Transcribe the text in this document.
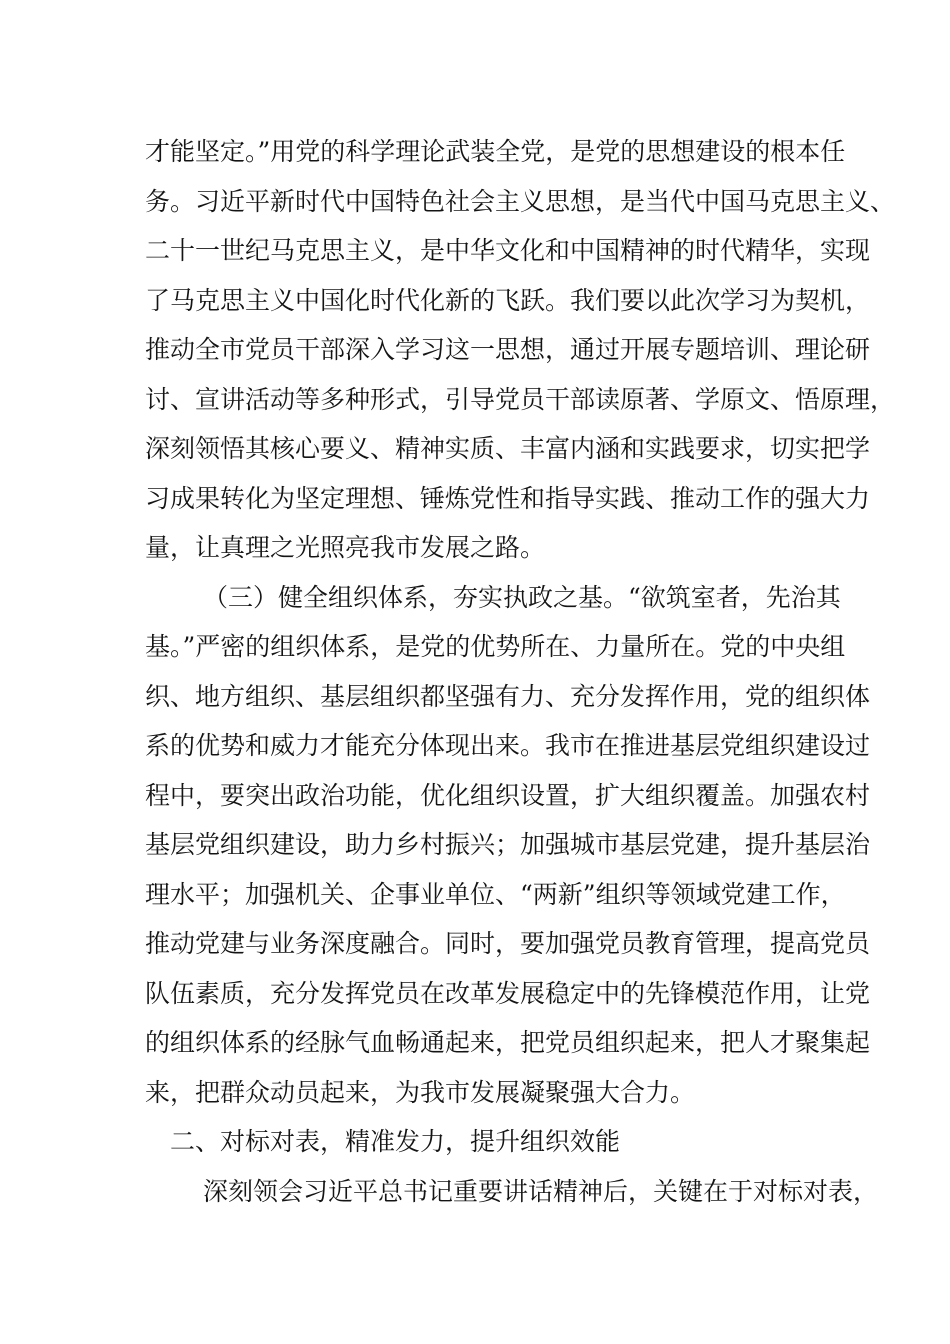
才能坚定。”用党的科学理论武装全党，是党的思想建设的根本任
务。习近平新时代中国特色社会主义思想，是当代中国马克思主义、
二十一世纪马克思主义，是中华文化和中国精神的时代精华，实现
了马克思主义中国化时代化新的飞跃。我们要以此次学习为契机，
推动全市党员干部深入学习这一思想，通过开展专题培训、理论研
讨、宣讲活动等多种形式，引导党员干部读原著、学原文、悟原理，
深刻领悟其核心要义、精神实质、丰富内涵和实践要求，切实把学
习成果转化为坚定理想、锤炼党性和指导实践、推动工作的强大力
量，让真理之光照亮我市发展之路。
（三）健全组织体系，夯实执政之基。“欲筑室者，先治其
基。”严密的组织体系，是党的优势所在、力量所在。党的中央组
织、地方组织、基层组织都坚强有力、充分发挥作用，党的组织体
系的优势和威力才能充分体现出来。我市在推进基层党组织建设过
程中，要突出政治功能，优化组织设置，扩大组织覆盖。加强农村
基层党组织建设，助力乡村振兴；加强城市基层党建，提升基层治
理水平；加强机关、企事业单位、“两新”组织等领域党建工作，
推动党建与业务深度融合。同时，要加强党员教育管理，提高党员
队伍素质，充分发挥党员在改革发展稳定中的先锋模范作用，让党
的组织体系的经脉气血畅通起来，把党员组织起来，把人才聚集起
来，把群众动员起来，为我市发展凝聚强大合力。
二、对标对表，精准发力，提升组织效能
深刻领会习近平总书记重要讲话精神后，关键在于对标对表，
